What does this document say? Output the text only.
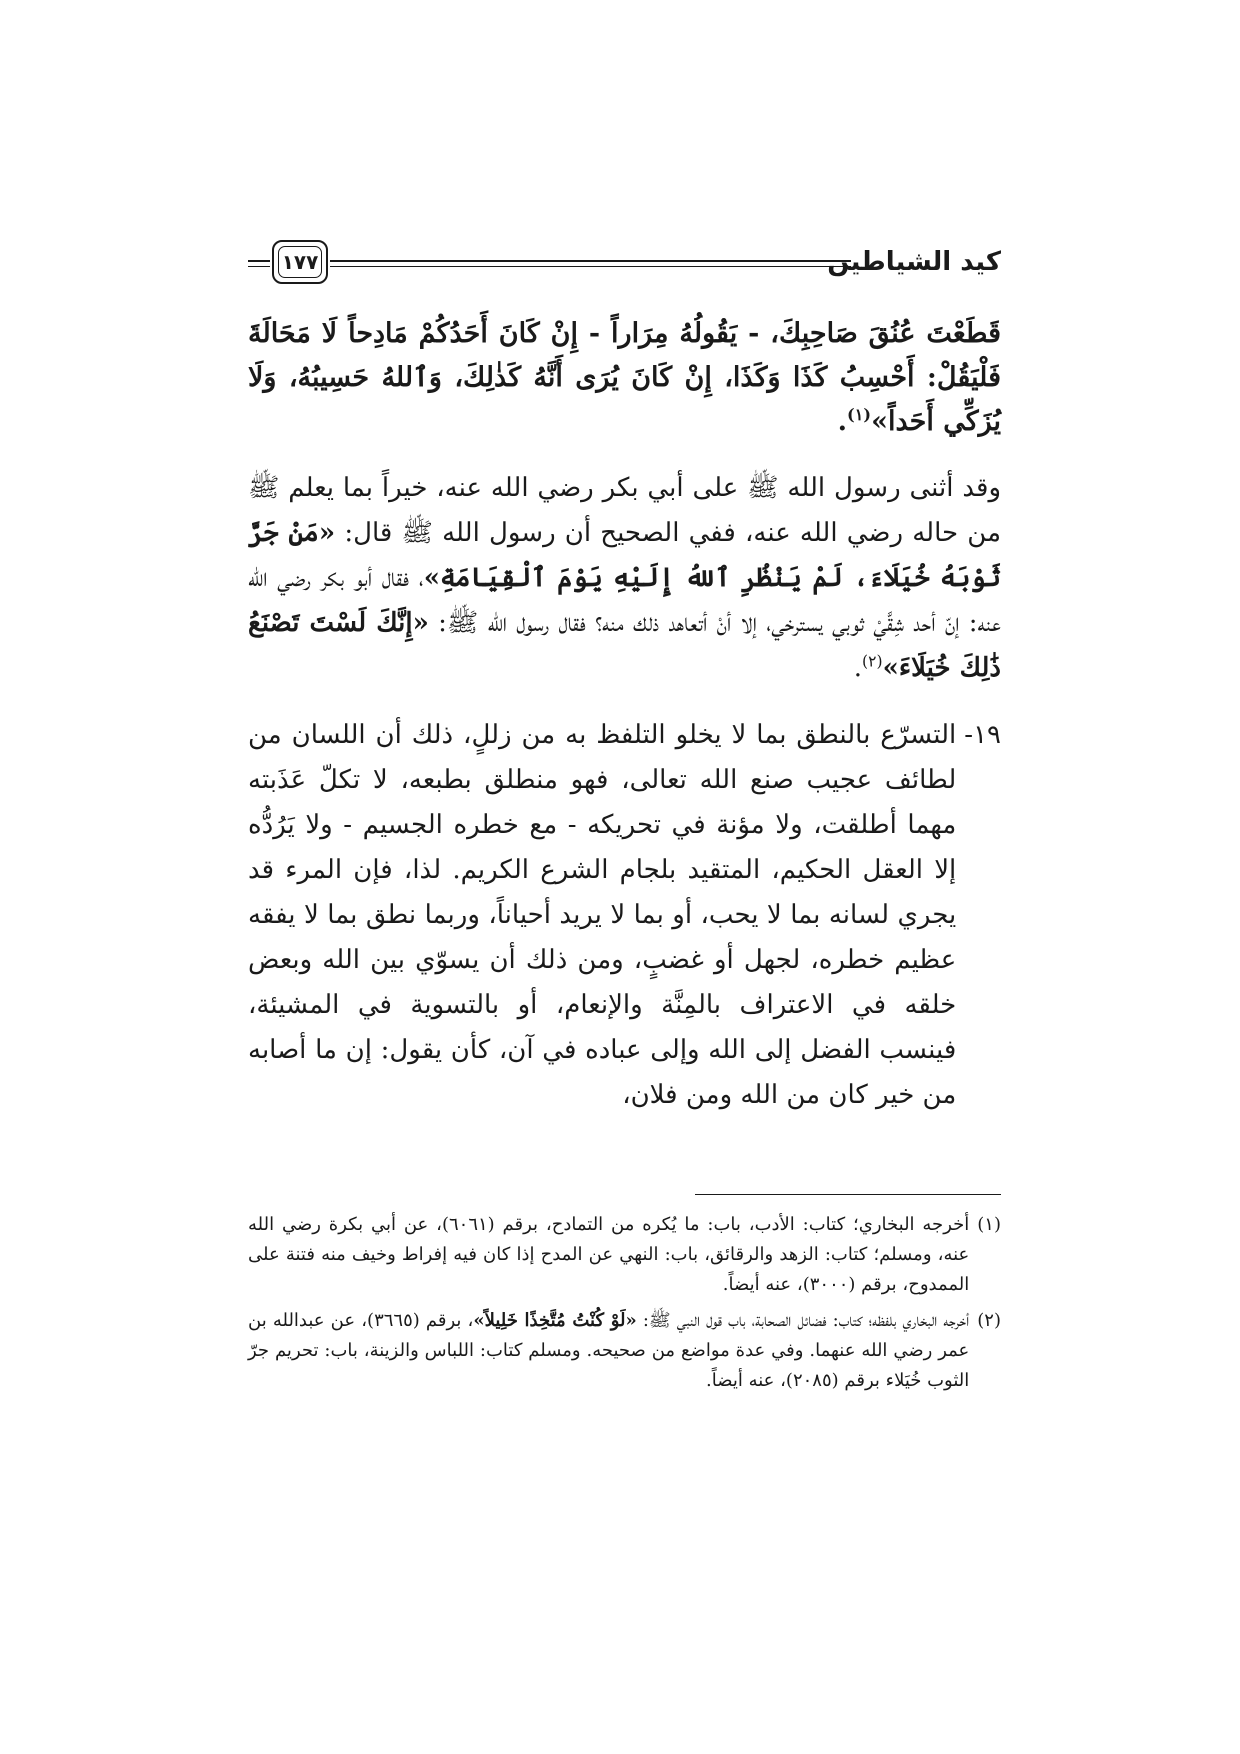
كيد الشياطين
١٧٧

قَطَعْتَ عُنُقَ صَاحِبِكَ، - يَقُولُهُ مِرَاراً - إِنْ كَانَ أَحَدُكُمْ مَادِحاً لَا مَحَالَةَ فَلْيَقُلْ: أَحْسِبُ كَذَا وَكَذَا، إِنْ كَانَ يُرَى أَنَّهُ كَذٰلِكَ، وَٱللهُ حَسِيبُهُ، وَلَا يُزَكِّي أَحَداً»$^{(١)}$.

وقد أثنى رسول الله ﷺ على أبي بكر رضي الله عنه، خيراً بما يعلم ﷺ من حاله رضي الله عنه، ففي الصحيح أن رسول الله ﷺ قال: «مَنْ جَرَّ ثَوْبَهُ خُيَلَاءَ، لَمْ يَنْظُرِ ٱللهُ إِلَيْهِ يَوْمَ ٱلْقِيَامَةِ»، فقال أبو بكر رضي الله عنه: إنّ أحد شِقَّيْ ثوبي يسترخي، إلا أنْ أتعاهد ذلك منه؟ فقال رسول الله ﷺ: «إِنَّكَ لَسْتَ تَصْنَعُ ذَٰلِكَ خُيَلَاءَ»$^{(٢)}$.

١٩-

التسرّع بالنطق بما لا يخلو التلفظ به من زللٍ، ذلك أن اللسان من لطائف عجيب صنع الله تعالى، فهو منطلق بطبعه، لا تكلّ عَذَبته مهما أطلقت، ولا مؤنة في تحريكه - مع خطره الجسيم - ولا يَرُدُّه إلا العقل الحكيم، المتقيد بلجام الشرع الكريم. لذا، فإن المرء قد يجري لسانه بما لا يحب، أو بما لا يريد أحياناً، وربما نطق بما لا يفقه عظيم خطره، لجهل أو غضبٍ، ومن ذلك أن يسوّي بين الله وبعض خلقه في الاعتراف بالمِنَّة والإنعام، أو بالتسوية في المشيئة، فينسب الفضل إلى الله وإلى عباده في آن، كأن يقول: إن ما أصابه من خير كان من الله ومن فلان،

(١)
أخرجه البخاري؛ كتاب: الأدب، باب: ما يُكره من التمادح، برقم (٦٠٦١)، عن أبي بكرة رضي الله عنه، ومسلم؛ كتاب: الزهد والرقائق، باب: النهي عن المدح إذا كان فيه إفراط وخيف منه فتنة على الممدوح، برقم (٣٠٠٠)، عنه أيضاً.
(٢)
أخرجه البخاري بلفظه؛ كتاب: فضائل الصحابة، باب قول النبي ﷺ: «لَوْ كُنْتُ مُتَّخِذًا خَلِيلاً»، برقم (٣٦٦٥)، عن عبدالله بن عمر رضي الله عنهما. وفي عدة مواضع من صحيحه. ومسلم كتاب: اللباس والزينة، باب: تحريم جرّ الثوب خُيَلاء برقم (٢٠٨٥)، عنه أيضاً.
